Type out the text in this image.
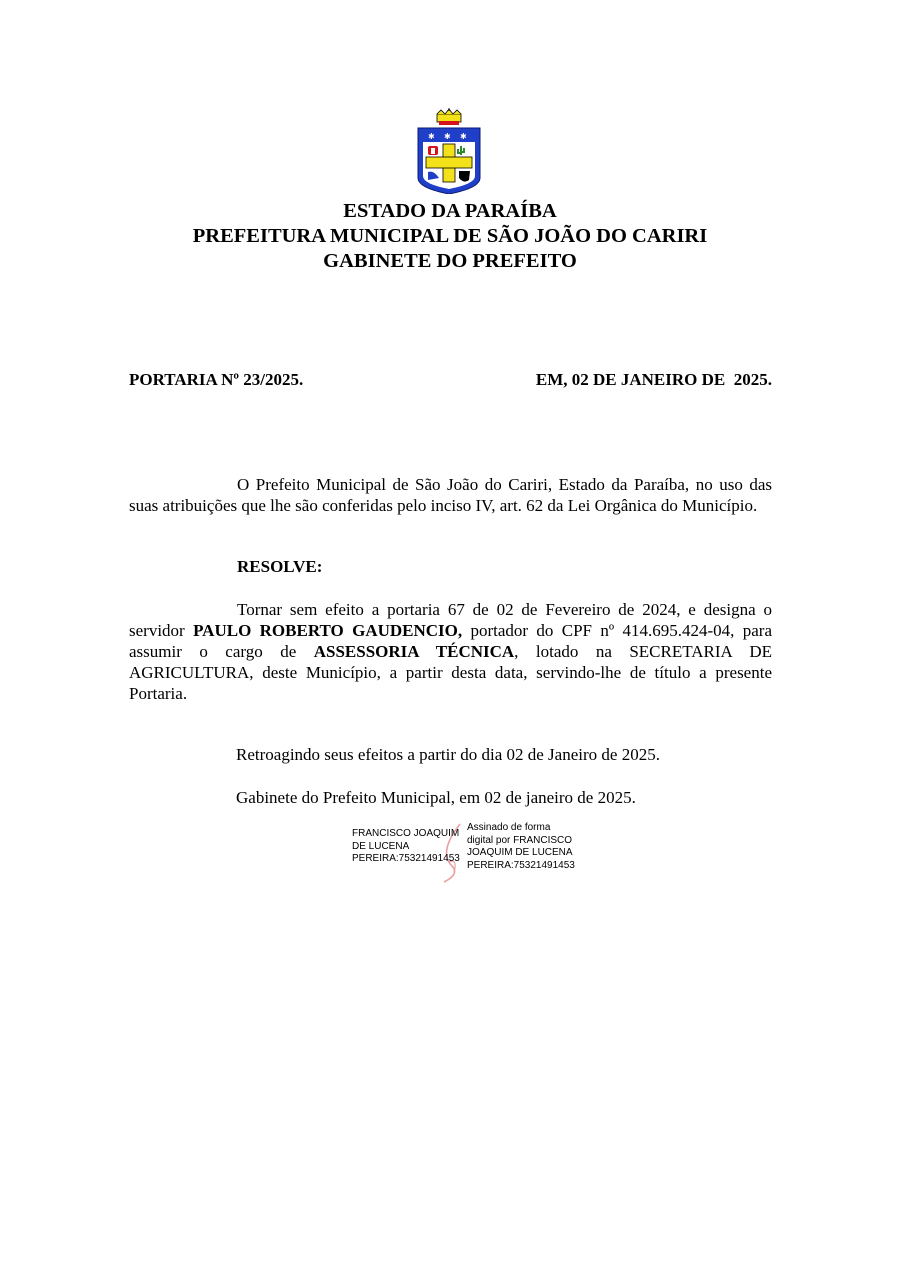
✱ ✱ ✱
ESTADO DA PARAÍBA
PREFEITURA MUNICIPAL DE SÃO JOÃO DO CARIRI
GABINETE DO PREFEITO
PORTARIA Nº 23/2025.	EM, 02 DE JANEIRO DE  2025.
O Prefeito Municipal de São João do Cariri, Estado da Paraíba, no uso das suas atribuições que lhe são conferidas pelo inciso IV, art. 62 da Lei Orgânica do Município.
RESOLVE:
Tornar sem efeito a portaria 67 de 02 de Fevereiro de 2024, e designa o servidor PAULO ROBERTO GAUDENCIO, portador do CPF nº 414.695.424-04, para assumir o cargo de ASSESSORIA TÉCNICA, lotado na SECRETARIA DE AGRICULTURA, deste Município, a partir desta data, servindo-lhe de título a presente Portaria.
Retroagindo seus efeitos a partir do dia 02 de Janeiro de 2025.
Gabinete do Prefeito Municipal, em 02 de janeiro de 2025.
FRANCISCO JOAQUIM
DE LUCENA
PEREIRA:75321491453
Assinado de forma
digital por FRANCISCO
JOAQUIM DE LUCENA
PEREIRA:75321491453
